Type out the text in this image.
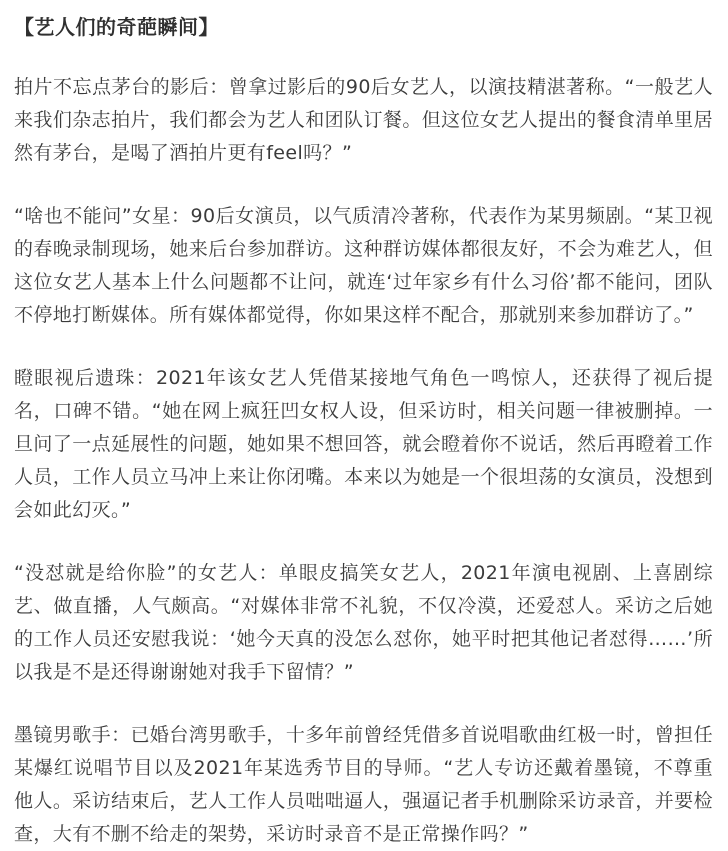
【艺人们的奇葩瞬间】

拍片不忘点茅台的影后：曾拿过影后的90后女艺人，以演技精湛著称。“一般艺人来我们杂志拍片，我们都会为艺人和团队订餐。但这位女艺人提出的餐食清单里居然有茅台，是喝了酒拍片更有feel吗？”

“啥也不能问”女星：90后女演员，以气质清冷著称，代表作为某男频剧。“某卫视的春晚录制现场，她来后台参加群访。这种群访媒体都很友好，不会为难艺人，但这位女艺人基本上什么问题都不让问，就连‘过年家乡有什么习俗’都不能问，团队不停地打断媒体。所有媒体都觉得，你如果这样不配合，那就别来参加群访了。”

瞪眼视后遗珠：2021年该女艺人凭借某接地气角色一鸣惊人，还获得了视后提名，口碑不错。“她在网上疯狂凹女权人设，但采访时，相关问题一律被删掉。一旦问了一点延展性的问题，她如果不想回答，就会瞪着你不说话，然后再瞪着工作人员，工作人员立马冲上来让你闭嘴。本来以为她是一个很坦荡的女演员，没想到会如此幻灭。”

“没怼就是给你脸”的女艺人：单眼皮搞笑女艺人，2021年演电视剧、上喜剧综艺、做直播，人气颇高。“对媒体非常不礼貌，不仅冷漠，还爱怼人。采访之后她的工作人员还安慰我说：‘她今天真的没怎么怼你，她平时把其他记者怼得……’所以我是不是还得谢谢她对我手下留情？”

墨镜男歌手：已婚台湾男歌手，十多年前曾经凭借多首说唱歌曲红极一时，曾担任某爆红说唱节目以及2021年某选秀节目的导师。“艺人专访还戴着墨镜，不尊重他人。采访结束后，艺人工作人员咄咄逼人，强逼记者手机删除采访录音，并要检查，大有不删不给走的架势，采访时录音不是正常操作吗？”
